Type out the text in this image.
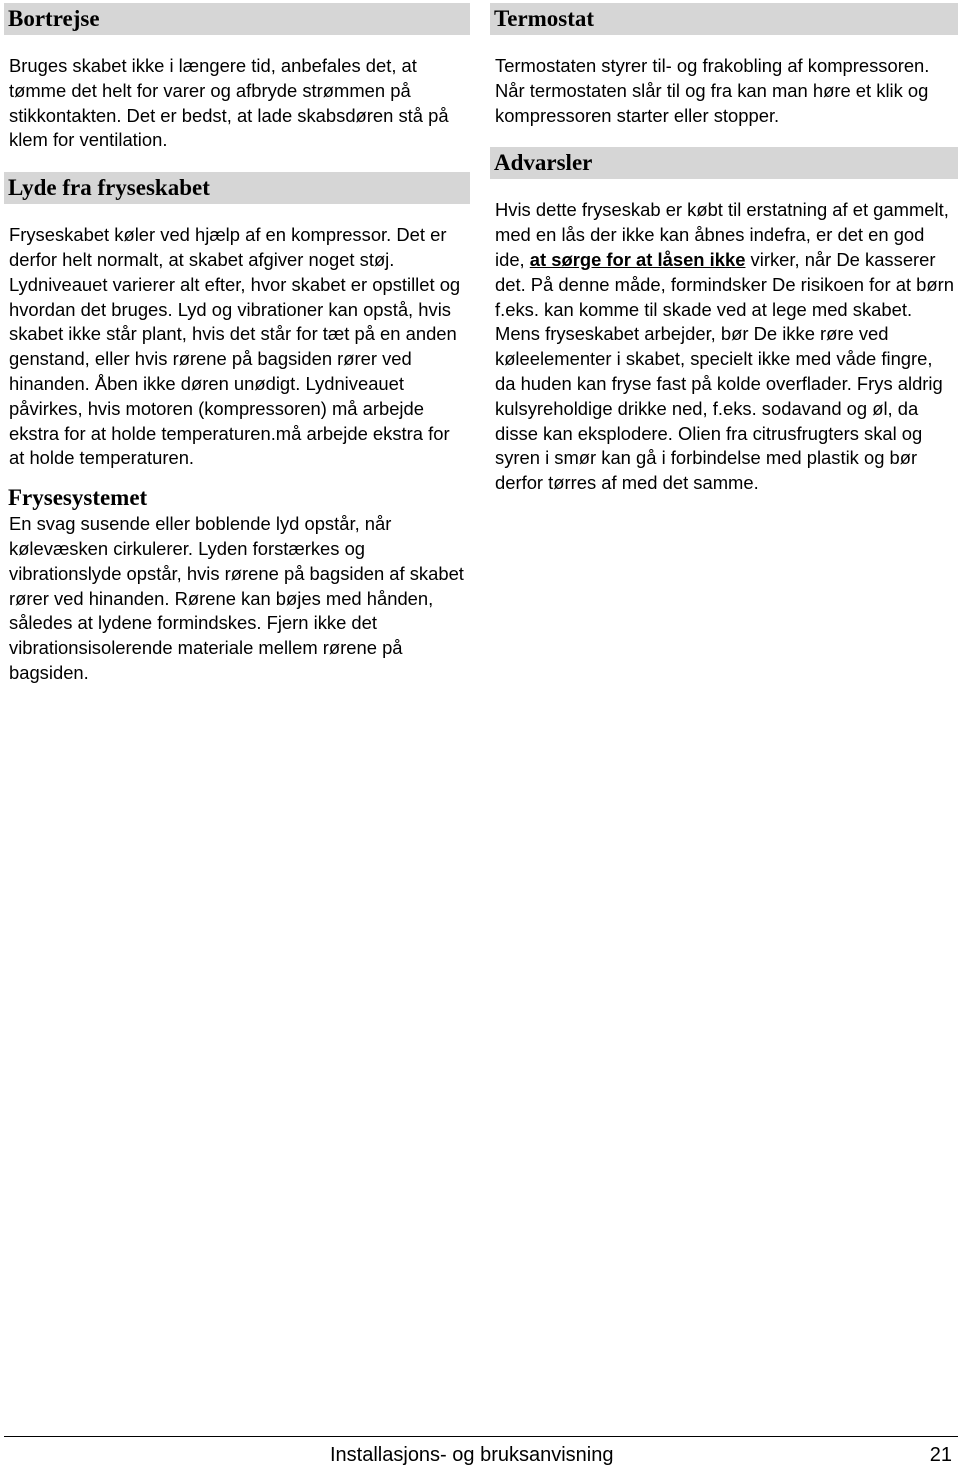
Bortrejse

Bruges skabet ikke i længere tid, anbefales det, at tømme det helt for varer og afbryde strømmen på stikkontakten. Det er bedst, at lade skabsdøren stå på klem for ventilation.

Lyde fra fryseskabet

Fryseskabet køler ved hjælp af en kompressor. Det er derfor helt normalt, at skabet afgiver noget støj. Lydniveauet varierer alt efter, hvor skabet er opstillet og hvordan det bruges. Lyd og vibrationer kan opstå, hvis skabet ikke står plant, hvis det står for tæt på en anden genstand, eller hvis rørene på bagsiden rører ved hinanden. Åben ikke døren unødigt. Lydniveauet påvirkes, hvis motoren (kompressoren) må arbejde ekstra for at holde temperaturen.må arbejde ekstra for at holde temperaturen.

Frysesystemet

En svag susende eller boblende lyd opstår, når kølevæsken cirkulerer. Lyden forstærkes og vibrationslyde opstår, hvis rørene på bagsiden af skabet rører ved hinanden. Rørene kan bøjes med hånden, således at lydene formindskes. Fjern ikke det vibrationsisolerende materiale mellem rørene på bagsiden.

Termostat

Termostaten styrer til- og frakobling af kompressoren. Når termostaten slår til og fra kan man høre et klik og kompressoren starter eller stopper.

Advarsler

Hvis dette fryseskab er købt til erstatning af et gammelt, med en lås der ikke kan åbnes indefra, er det en god ide, at sørge for at låsen ikke virker, når De kasserer det. På denne måde, formindsker De risikoen for at børn f.eks. kan komme til skade ved at lege med skabet. Mens fryseskabet arbejder, bør De ikke røre ved køleelementer i skabet, specielt ikke med våde fingre, da huden kan fryse fast på kolde overflader. Frys aldrig kulsyreholdige drikke ned, f.eks. sodavand og øl, da disse kan eksplodere. Olien fra citrusfrugters skal og syren i smør kan gå i forbindelse med plastik og bør derfor tørres af med det samme.

Installasjons- og bruksanvisning	21
